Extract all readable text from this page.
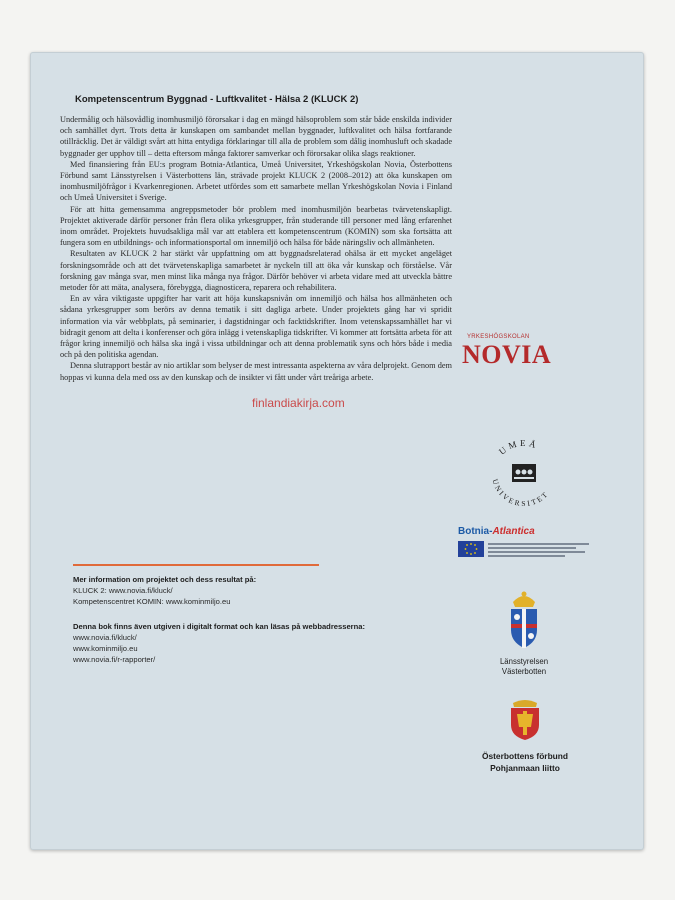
Kompetenscentrum Byggnad - Luftkvalitet - Hälsa 2 (KLUCK 2)

Undermålig och hälsovådlig inomhusmiljö förorsakar i dag en mängd hälsoproblem som står både enskilda individer och samhället dyrt. Trots detta är kunskapen om sambandet mellan byggnader, luftkvalitet och hälsa fortfarande otillräcklig. Det är väldigt svårt att hitta entydiga förklaringar till alla de problem som dålig inomhusluft och skadade byggnader ger upphov till – detta eftersom många faktorer samverkar och förorsakar olika slags reaktioner.

Med finansiering från EU:s program Botnia-Atlantica, Umeå Universitet, Yrkeshögskolan Novia, Österbottens Förbund samt Länsstyrelsen i Västerbottens län, strävade projekt KLUCK 2 (2008–2012) att öka kunskapen om inomhusmiljöfrågor i Kvarkenregionen. Arbetet utfördes som ett samarbete mellan Yrkeshögskolan Novia i Finland och Umeå Universitet i Sverige.

För att hitta gemensamma angreppsmetoder bör problem med inomhusmiljön bearbetas tvärvetenskapligt. Projektet aktiverade därför personer från flera olika yrkesgrupper, från studerande till personer med lång erfarenhet inom området. Projektets huvudsakliga mål var att etablera ett kompetenscentrum (KOMIN) som ska fortsätta att fungera som en utbildnings- och informationsportal om innemiljö och hälsa för både näringsliv och allmänheten.

Resultaten av KLUCK 2 har stärkt vår uppfattning om att byggnadsrelaterad ohälsa är ett mycket angeläget forskningsområde och att det tvärvetenskapliga samarbetet är nyckeln till att öka vår kunskap och förståelse. Vår forskning gav många svar, men minst lika många nya frågor. Därför behöver vi arbeta vidare med att utveckla bättre metoder för att mäta, analysera, förebygga, diagnosticera, reparera och rehabilitera.

En av våra viktigaste uppgifter har varit att höja kunskapsnivån om innemiljö och hälsa hos allmänheten och sådana yrkesgrupper som berörs av denna tematik i sitt dagliga arbete. Under projektets gång har vi spridit information via vår webbplats, på seminarier, i dagstidningar och facktidskrifter. Inom vetenskapssamhället har vi bidragit genom att delta i konferenser och göra inlägg i vetenskapliga tidskrifter. Vi kommer att fortsätta arbeta för att frågor kring innemiljö och hälsa ska ingå i vissa utbildningar och att denna problematik syns och hörs både i media och på den politiska agendan.

Denna slutrapport består av nio artiklar som belyser de mest intressanta aspekterna av våra delprojekt. Genom dem hoppas vi kunna dela med oss av den kunskap och de insikter vi fått under vårt treåriga arbete.

Mer information om projektet och dess resultat på:
KLUCK 2: www.novia.fi/kluck/
Kompetenscentret KOMIN: www.kominmiljo.eu
Denna bok finns även utgiven i digitalt format och kan läsas på webbadresserna:
www.novia.fi/kluck/
www.kominmiljo.eu
www.novia.fi/r-rapporter/
finlandiakirja.com
YRKESHÖGSKOLAN
NOVIA
UMEÅ
UNIVERSITET
Botnia-Atlantica
Länsstyrelsen
Västerbotten
Österbottens förbund
Pohjanmaan liitto
